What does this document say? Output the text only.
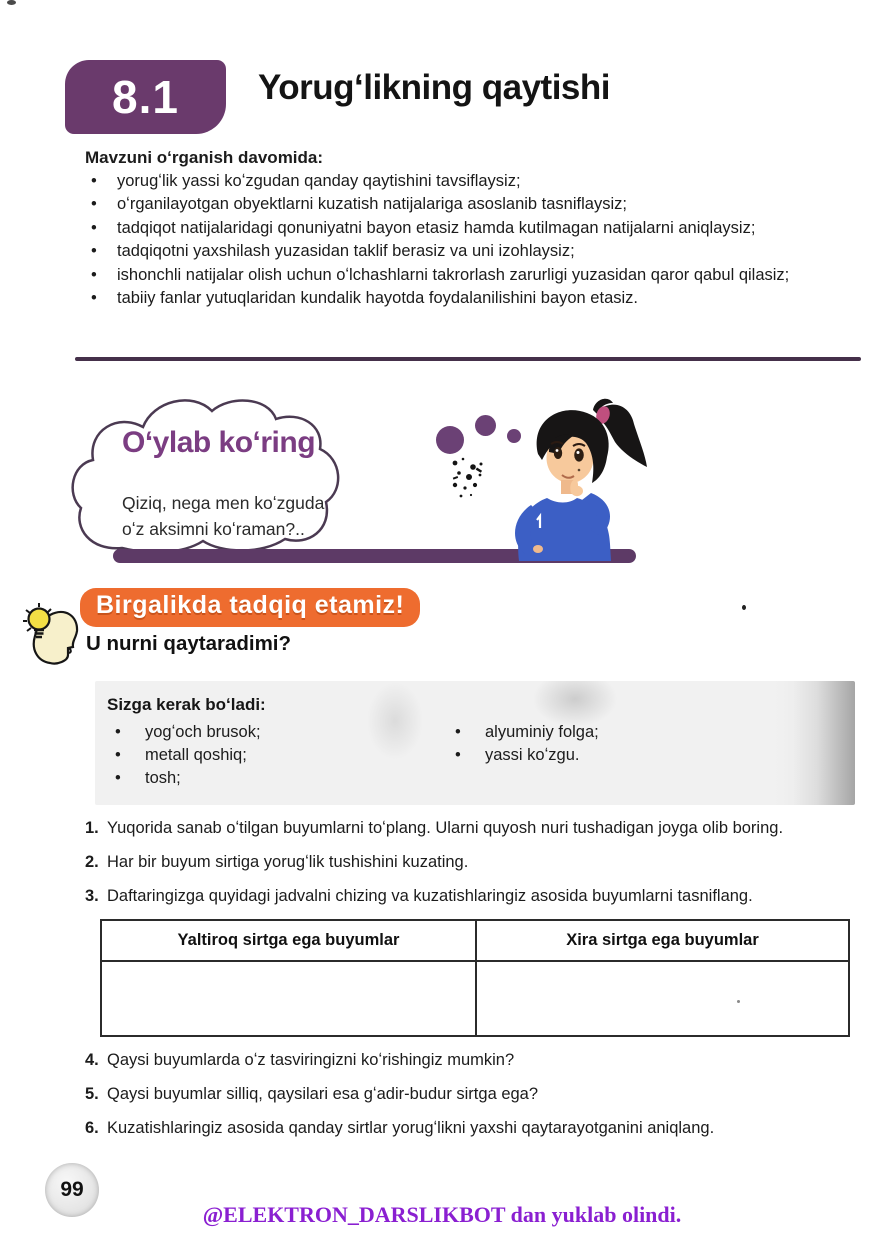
8.1 Yorugʻlikning qaytishi
Mavzuni oʻrganish davomida:
•	yorugʻlik yassi koʻzgudan qanday qaytishini tavsiflaysiz;
•	oʻrganilayotgan obyektlarni kuzatish natijalariga asoslanib tasniflaysiz;
•	tadqiqot natijalaridagi qonuniyatni bayon etasiz hamda kutilmagan natijalarni aniqlaysiz;
•	tadqiqotni yaxshilash yuzasidan taklif berasiz va uni izohlaysiz;
•	ishonchli natijalar olish uchun oʻlchashlarni takrorlash zarurligi yuzasidan qaror qabul qilasiz;
•	tabiiy fanlar yutuqlaridan kundalik hayotda foydalanilishini bayon etasiz.
Oʻylab koʻring
Qiziq, nega men koʻzguda
oʻz aksimni koʻraman?..
Birgalikda tadqiq etamiz!
U nurni qaytaradimi?
Sizga kerak boʻladi:
•	yogʻoch brusok;
•	metall qoshiq;
•	tosh;
•	alyuminiy folga;
•	yassi koʻzgu.
1. Yuqorida sanab oʻtilgan buyumlarni toʻplang. Ularni quyosh nuri tushadigan joyga olib boring.
2. Har bir buyum sirtiga yorugʻlik tushishini kuzating.
3. Daftaringizga quyidagi jadvalni chizing va kuzatishlaringiz asosida buyumlarni tasniflang.
Yaltiroq sirtga ega buyumlar	Xira sirtga ega buyumlar
4. Qaysi buyumlarda oʻz tasviringizni koʻrishingiz mumkin?
5. Qaysi buyumlar silliq, qaysilari esa gʻadir-budur sirtga ega?
6. Kuzatishlaringiz asosida qanday sirtlar yorugʻlikni yaxshi qaytarayotganini aniqlang.
99
@ELEKTRON_DARSLIKBOT dan yuklab olindi.
